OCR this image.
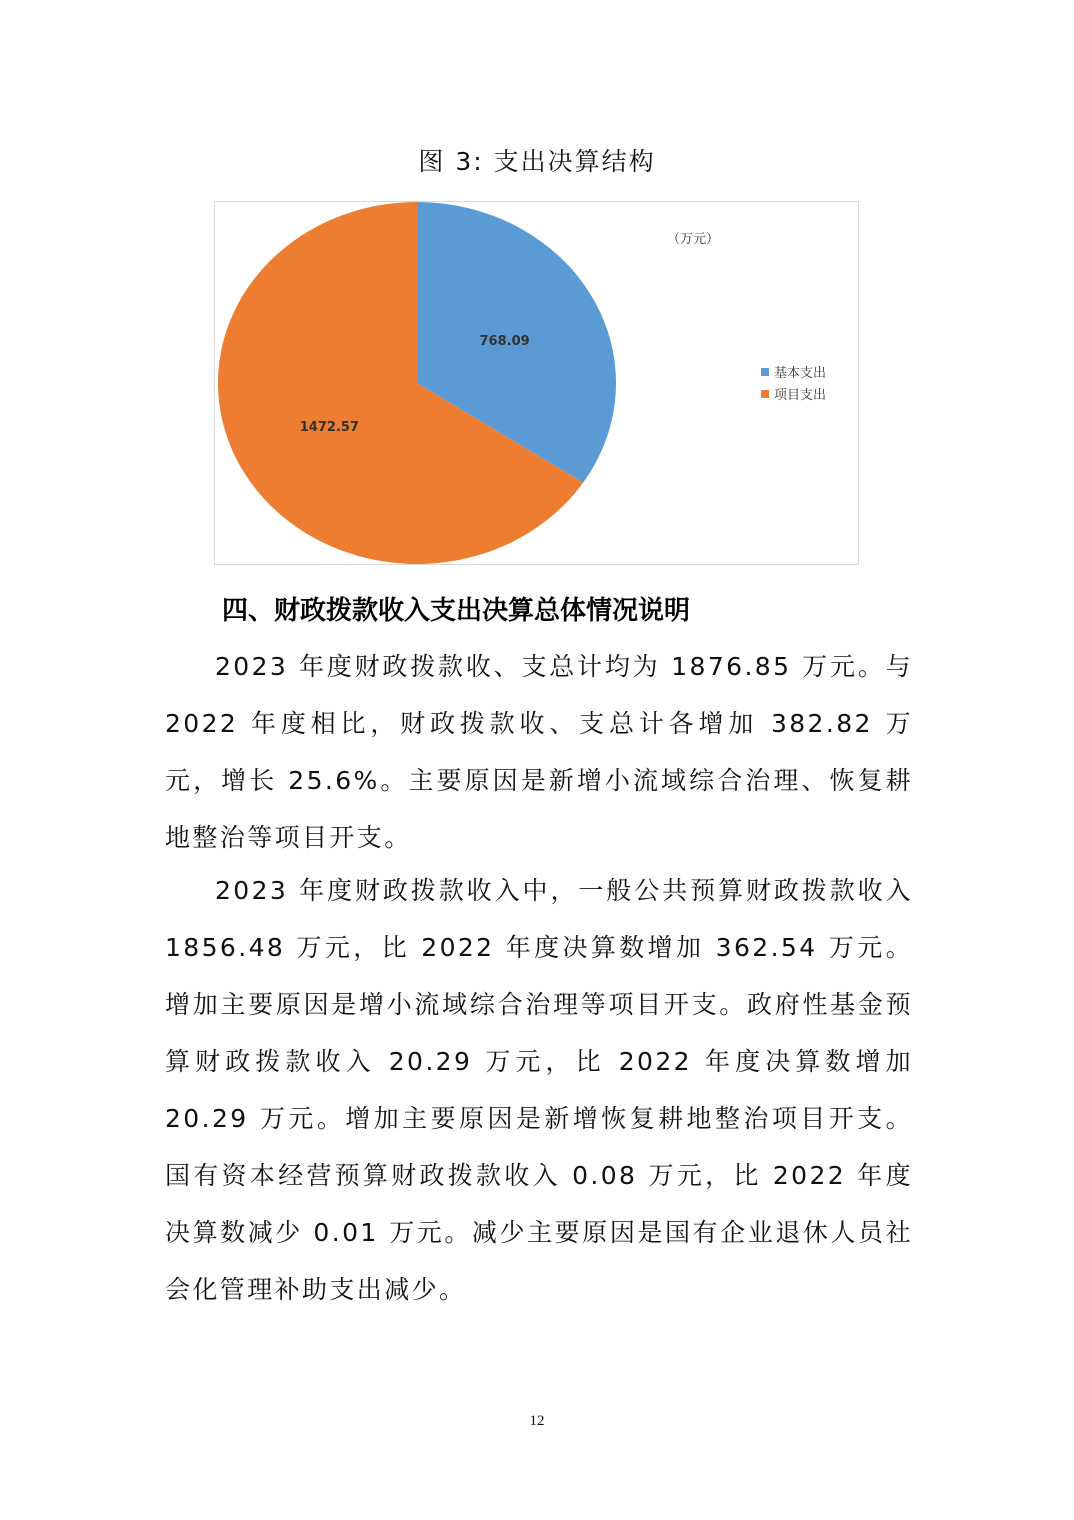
图 3: 支出决算结构
768.09
1472.57
（万元）
基本支出
项目支出
四、财政拨款收入支出决算总体情况说明

2023 年度财政拨款收、支总计均为 1876.85 万元。与 2022 年度相比，财政拨款收、支总计各增加 382.82 万元，增长 25.6%。主要原因是新增小流域综合治理、恢复耕地整治等项目开支。

2023 年度财政拨款收入中，一般公共预算财政拨款收入 1856.48 万元，比 2022 年度决算数增加 362.54 万元。增加主要原因是增小流域综合治理等项目开支。政府性基金预算财政拨款收入 20.29 万元，比 2022 年度决算数增加 20.29 万元。增加主要原因是新增恢复耕地整治项目开支。国有资本经营预算财政拨款收入 0.08 万元，比 2022 年度决算数减少 0.01 万元。减少主要原因是国有企业退休人员社会化管理补助支出减少。

12
